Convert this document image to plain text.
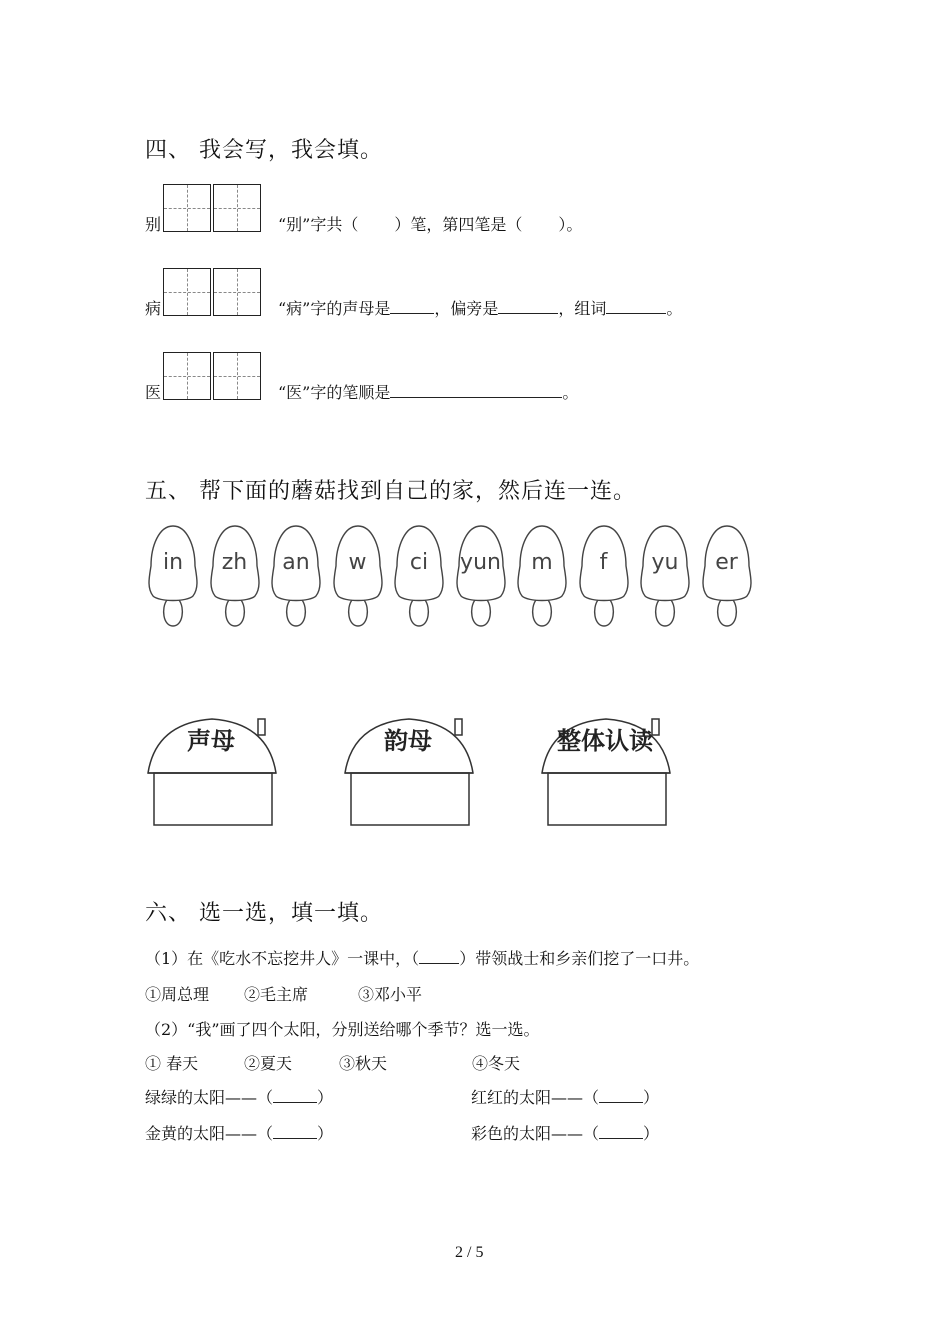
四、 我会写，我会填。
别	“别”字共（ ）笔，第四笔是（ ）。
病	“病”字的声母是	，偏旁是	，组词	。
医	“医”字的笔顺是	。
五、 帮下面的蘑菇找到自己的家，然后连一连。
in	zh	an	w	ci	yun	m	f	yu	er
声母	韵母	整体认读
六、 选一选，填一填。
（1）在《吃水不忘挖井人》一课中，（	）带领战士和乡亲们挖了一口井。
①周总理 ②毛主席	③邓小平
（2）“我”画了四个太阳，分别送给哪个季节？选一选。
① 春天	②夏天	③秋天	④冬天
绿绿的太阳——（	）	红红的太阳——（	）
金黄的太阳——（	）	彩色的太阳——（	）
2 / 5
